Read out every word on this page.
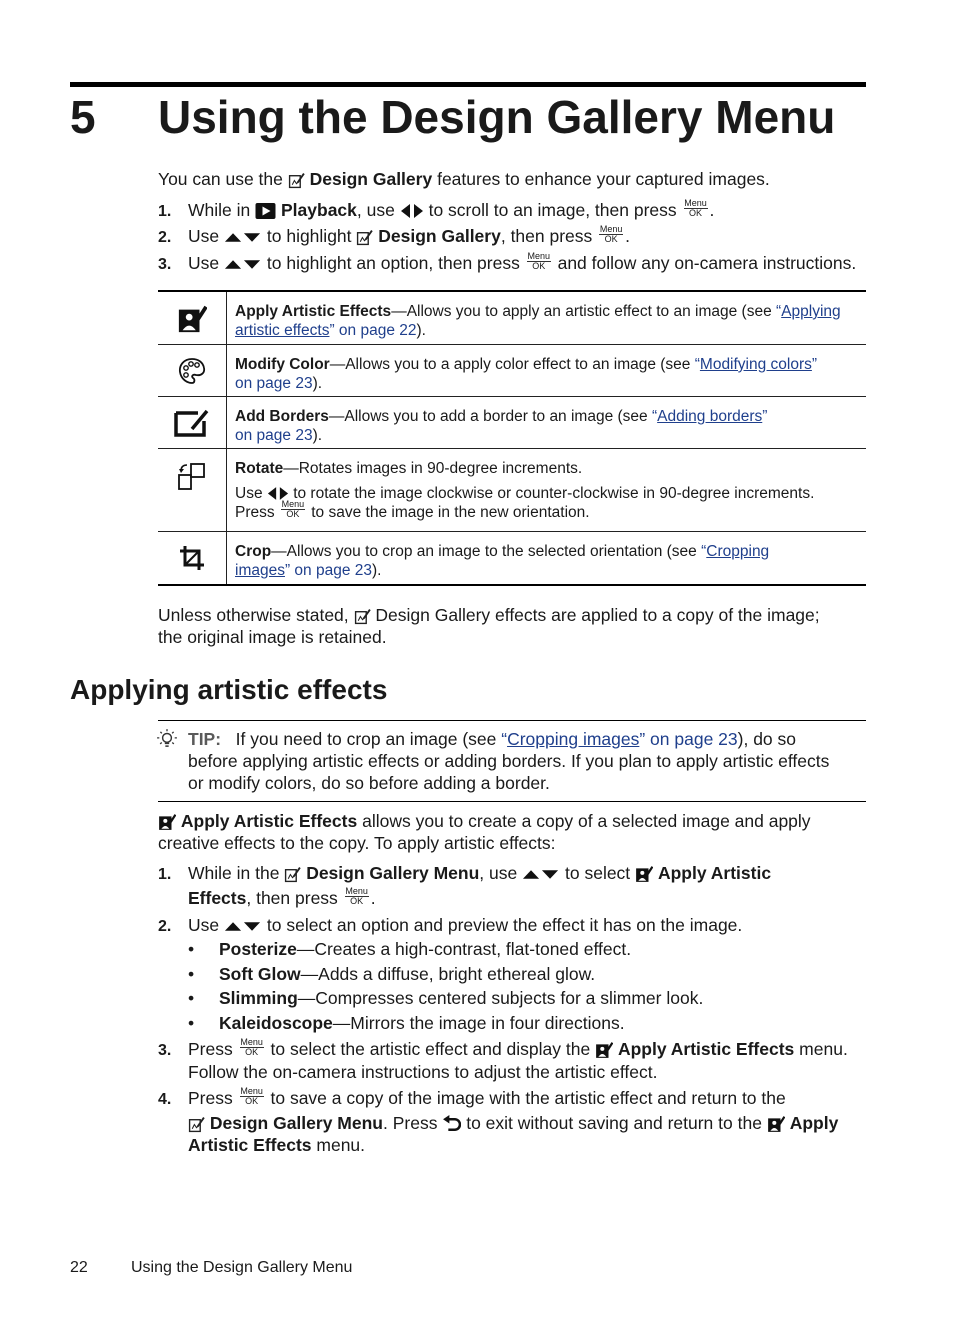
5 Using the Design Gallery Menu
You can use the Design Gallery features to enhance your captured images.
1. While in Playback, use to scroll to an image, then press Menu
OK .
2. Use	to highlight Design Gallery, then press Menu
OK .
3. Use	to highlight an option, then press Menu
OK and follow any on-camera instructions.
Apply Artistic Effects—Allows you to apply an artistic effect to an image (see “Applying
artistic effects” on page 22).
Modify Color—Allows you to a apply color effect to an image (see “Modifying colors”
on page 23).
Add Borders—Allows you to add a border to an image (see “Adding borders”
on page 23).

Rotate—Rotates images in 90-degree increments.

Use to rotate the image clockwise or counter-clockwise in 90-degree increments.

Press Menu
OK to save the image in the new orientation.

Crop—Allows you to crop an image to the selected orientation (see “Cropping
images” on page 23).
Unless otherwise stated, Design Gallery effects are applied to a copy of the image;
the original image is retained.
Applying artistic effects
TIP: If you need to crop an image (see “Cropping images” on page 23), do so
before applying artistic effects or adding borders. If you plan to apply artistic effects
or modify colors, do so before adding a border.
Apply Artistic Effects allows you to create a copy of a selected image and apply
creative effects to the copy. To apply artistic effects:
1. While in the Design Gallery Menu, use	to select Apply Artistic
Effects, then press Menu
OK .
2. Use	to select an option and preview the effect it has on the image.
• Posterize—Creates a high-contrast, flat-toned effect.
• Soft Glow—Adds a diffuse, bright ethereal glow.
• Slimming—Compresses centered subjects for a slimmer look.
• Kaleidoscope—Mirrors the image in four directions.
3. Press Menu
OK to select the artistic effect and display the Apply Artistic Effects menu.
Follow the on-camera instructions to adjust the artistic effect.
4. Press Menu
OK to save a copy of the image with the artistic effect and return to the
Design Gallery Menu. Press to exit without saving and return to the Apply
Artistic Effects menu.
22	Using the Design Gallery Menu
